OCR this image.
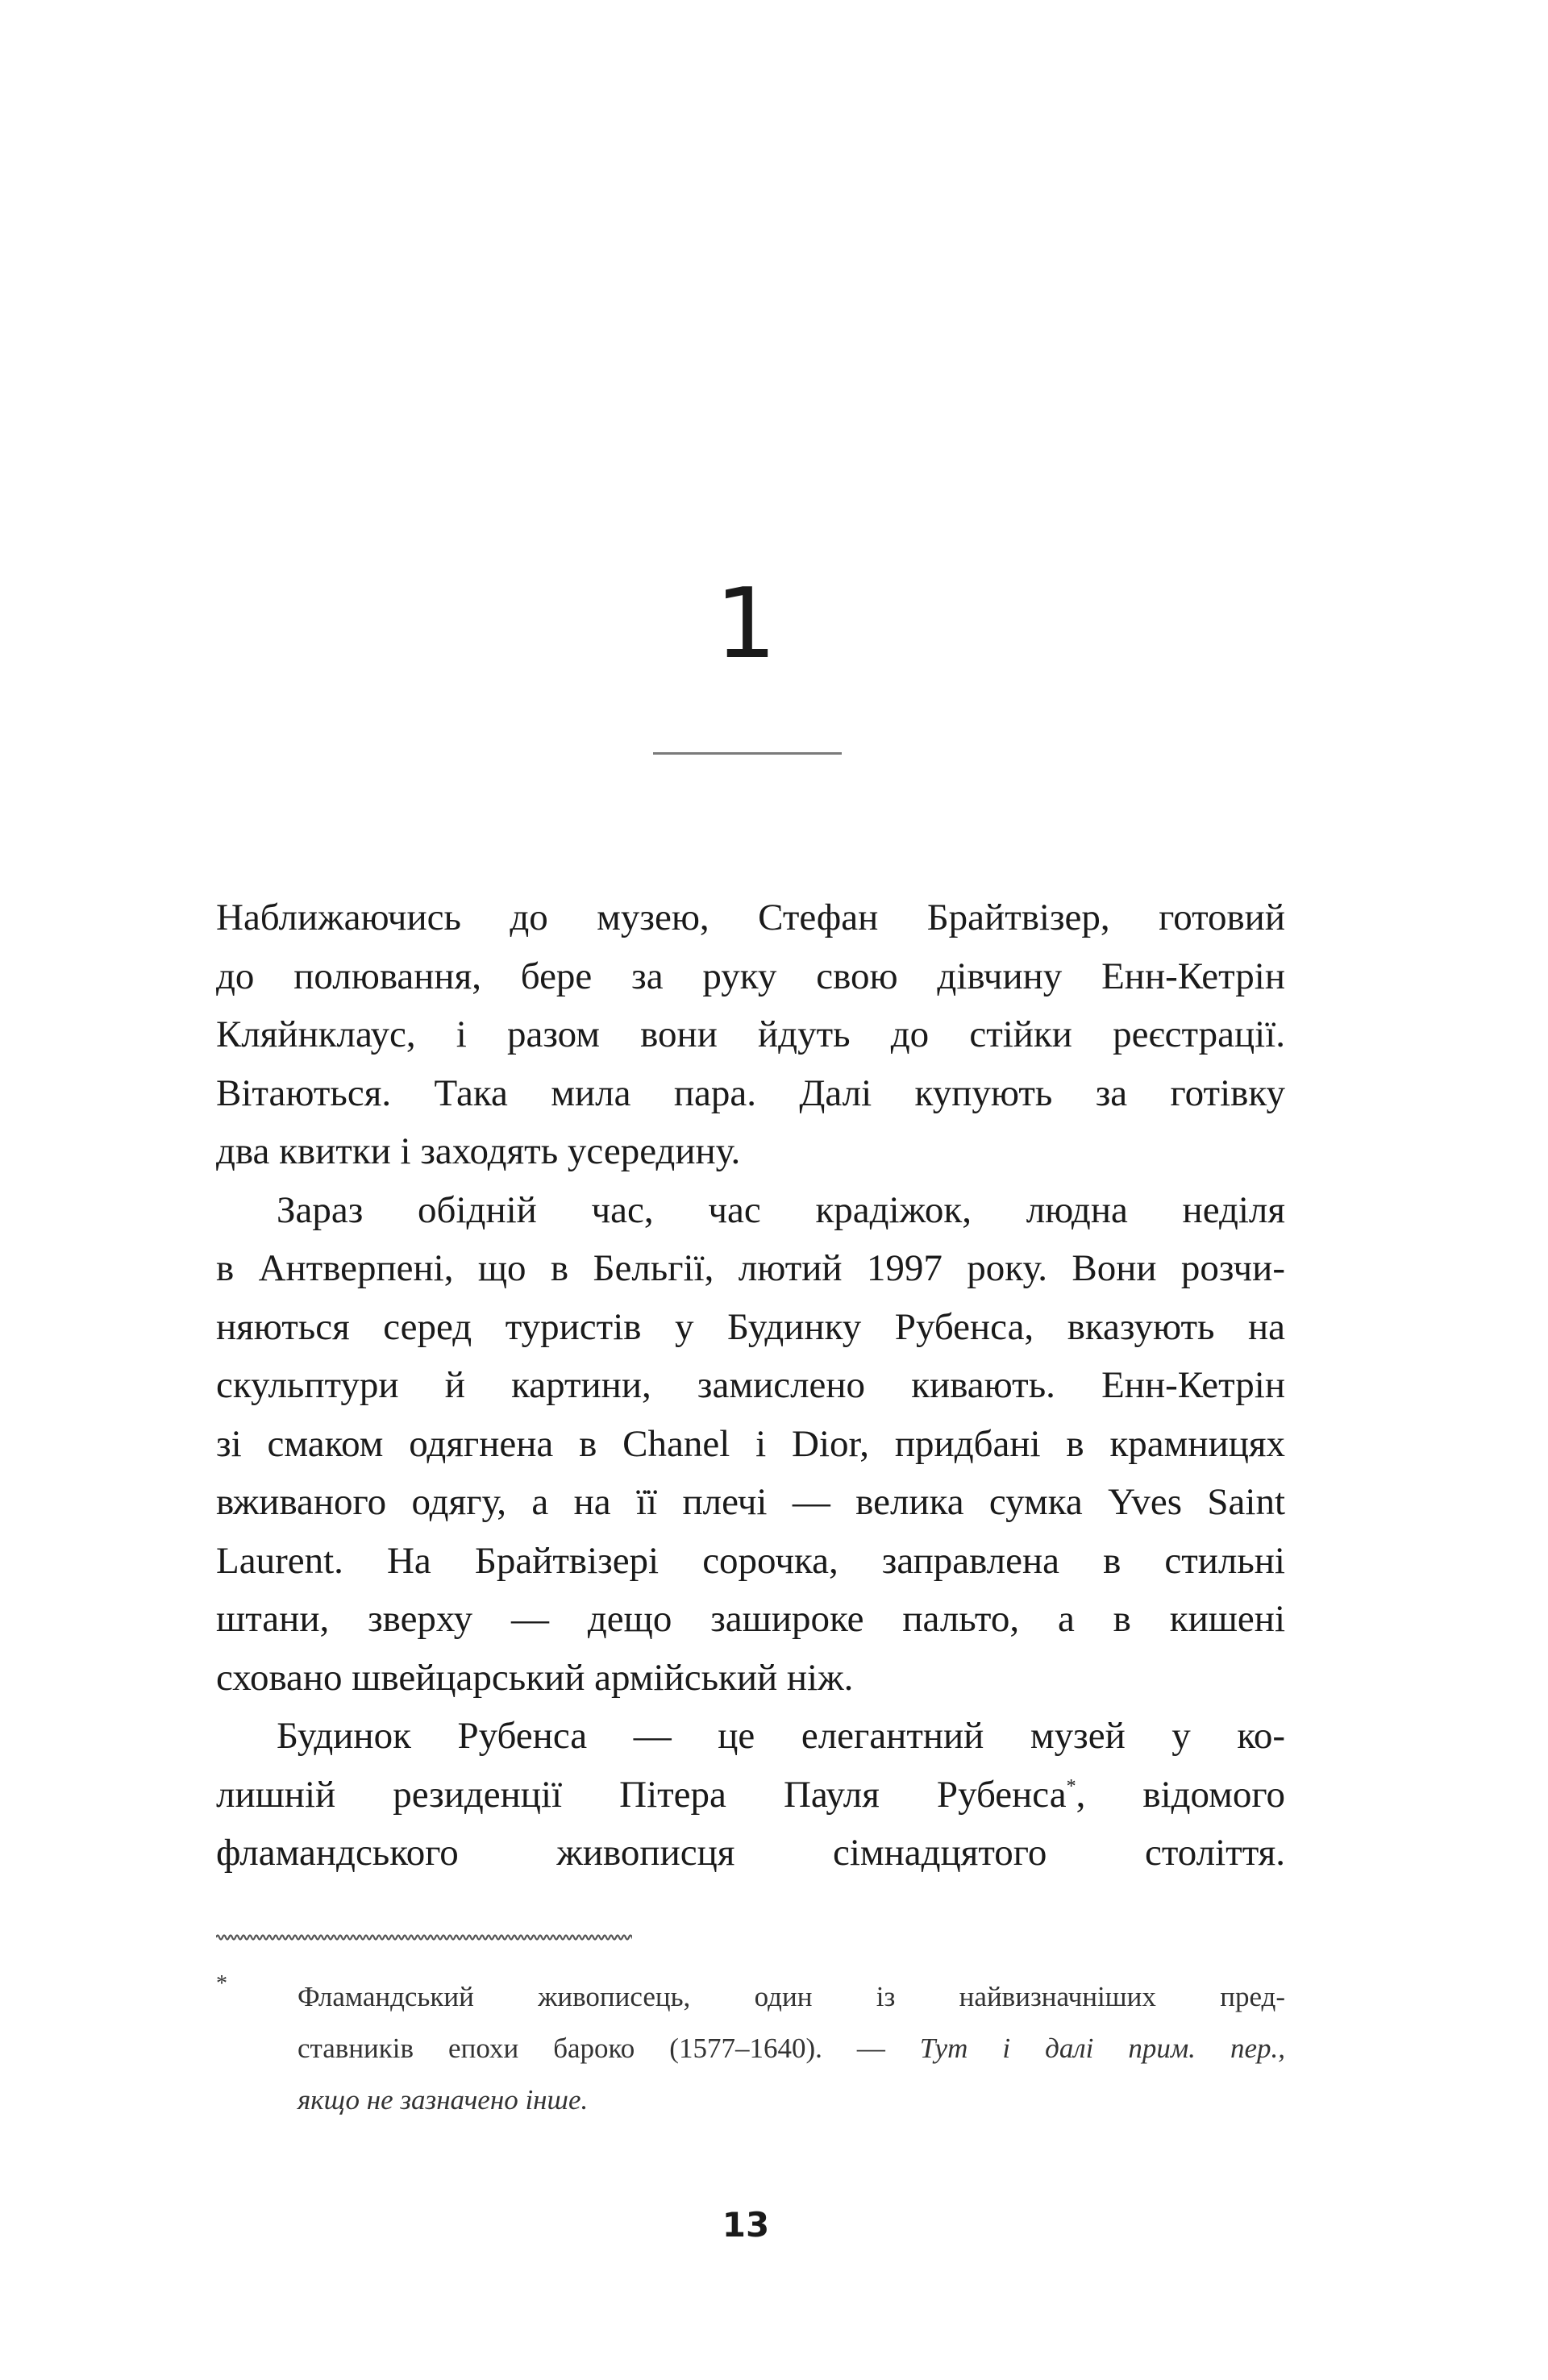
1
Наближаючись до музею, Стефан Брайтвізер, готовий
до полювання, бере за руку свою дівчину Енн-Кетрін
Кляйнклаус, і разом вони йдуть до стійки реєстрації.
Вітаються. Така мила пара. Далі купують за готівку
два квитки і заходять усередину.
Зараз обідній час, час крадіжок, людна неділя
в Антверпені, що в Бельгії, лютий 1997 року. Вони розчи-
няються серед туристів у Будинку Рубенса, вказують на
скульптури й картини, замислено кивають. Енн-Кетрін
зі смаком одягнена в Chanel і Dior, придбані в крамницях
вживаного одягу, а на її плечі — велика сумка Yves Saint
Laurent. На Брайтвізері сорочка, заправлена в стильні
штани, зверху — дещо зашироке пальто, а в кишені
сховано швейцарський армійський ніж.
Будинок Рубенса — це елегантний музей у ко-
лишній резиденції Пітера Пауля Рубенса*, відомого
фламандського живописця сімнадцятого століття.
* Фламандський живописець, один із найвизначніших пред-
ставників епохи бароко (1577–1640). — Тут і далі прим. пер.,
якщо не зазначено інше.
13
